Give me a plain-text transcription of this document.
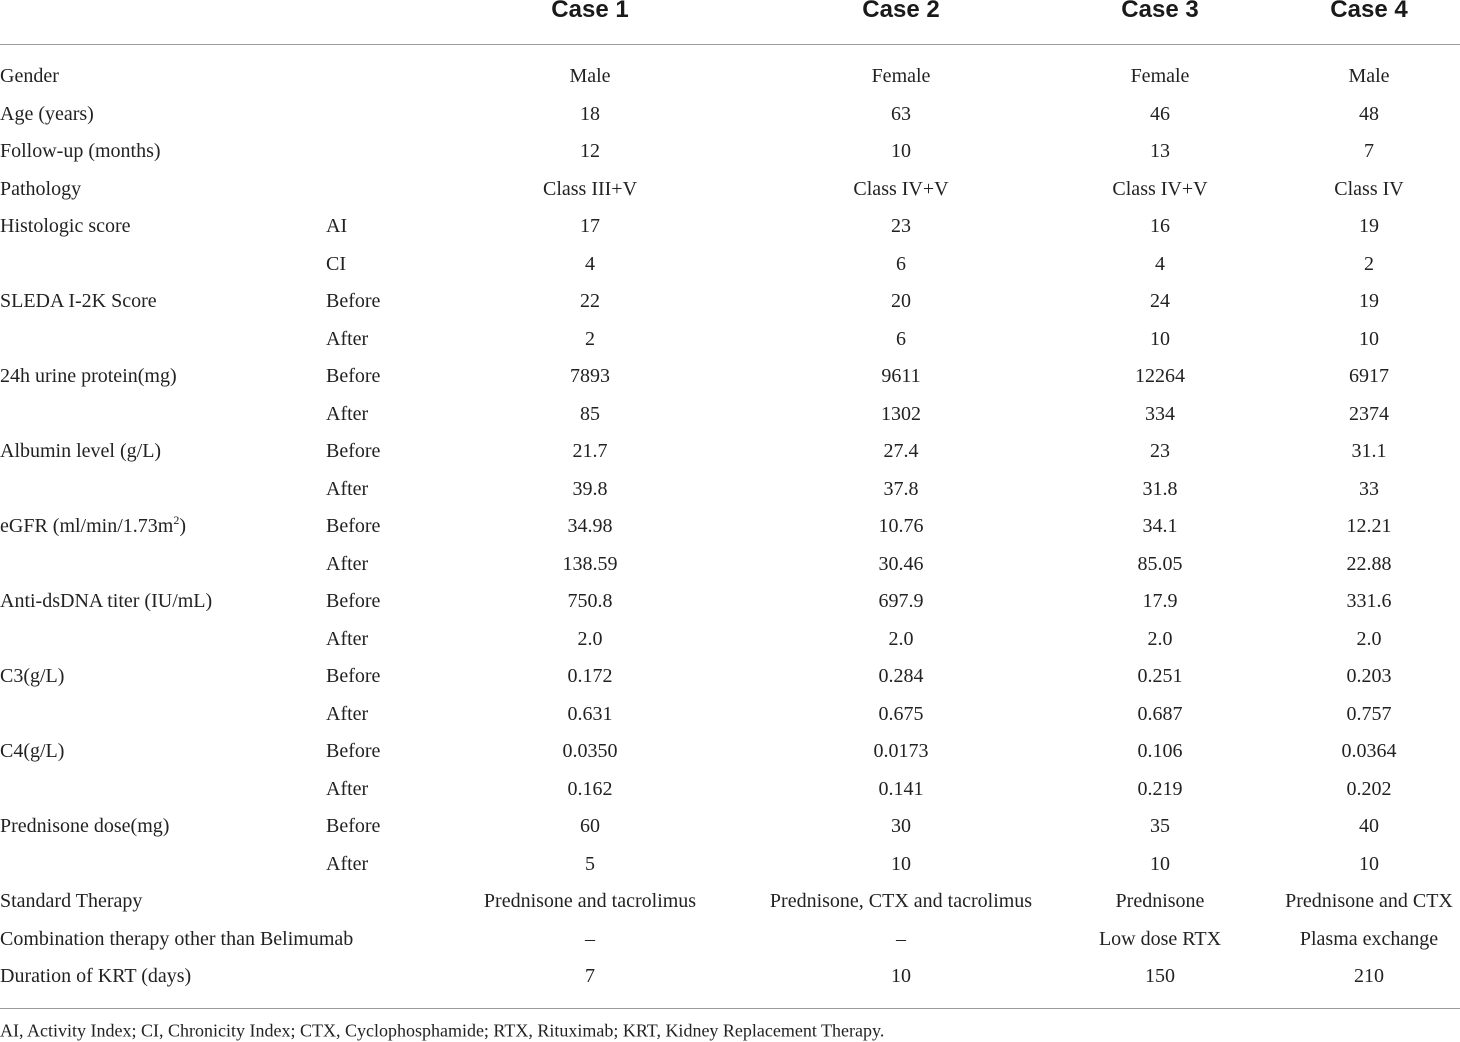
Case 1	Case 2	Case 3	Case 4
Gender	Male	Female	Female	Male
Age (years)	18	63	46	48
Follow-up (months)	12	10	13	7
Pathology	Class III+V	Class IV+V	Class IV+V	Class IV
Histologic score	AI	17	23	16	19
CI	4	6	4	2
SLEDA I-2K Score	Before	22	20	24	19
After	2	6	10	10
24h urine protein(mg)	Before	7893	9611	12264	6917
After	85	1302	334	2374
Albumin level (g/L)	Before	21.7	27.4	23	31.1
After	39.8	37.8	31.8	33
eGFR $(ml/\min/1.73m^2)$	Before	34.98	10.76	34.1	12.21
After	138.59	30.46	85.05	22.88
Anti-dsDNA titer (IU/mL)	Before	750.8	697.9	17.9	331.6
After	2.0	2.0	2.0	2.0
C3(g/L)	Before	0.172	0.284	0.251	0.203
After	0.631	0.675	0.687	0.757
C4(g/L)	Before	0.0350	0.0173	0.106	0.0364
After	0.162	0.141	0.219	0.202
Prednisone dose(mg)	Before	60	30	35	40
After	5	10	10	10
Standard Therapy	Prednisone and tacrolimus	Prednisone, CTX and tacrolimus	Prednisone	Prednisone and CTX
Combination therapy other than Belimumab	–	–	Low dose RTX	Plasma exchange
Duration of KRT (days)	7	10	150	210
AI, Activity Index; CI, Chronicity Index; CTX, Cyclophosphamide; RTX, Rituximab; KRT, Kidney Replacement Therapy.
